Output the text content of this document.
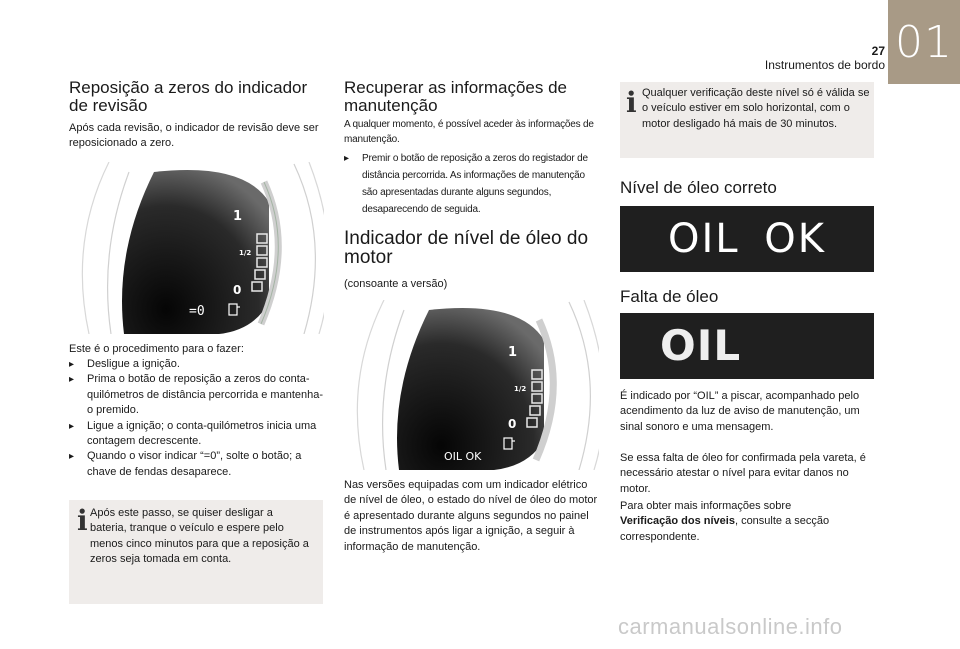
27
Instrumentos de bordo 01
Reposição a zeros do indicador de revisão

Após cada revisão, o indicador de revisão deve ser reposicionado a zero.

1
1/2
0
=0

Este é o procedimento para o fazer:

▸ Desligue a ignição.
▸ Prima o botão de reposição a zeros do conta-quilómetros de distância percorrida e mantenha-o premido.
▸ Ligue a ignição; o conta-quilómetros inicia uma contagem decrescente.
▸ Quando o visor indicar “=0”, solte o botão; a chave de fendas desaparece.
i Após este passo, se quiser desligar a bateria, tranque o veículo e espere pelo menos cinco minutos para que a reposição a zeros seja tomada em conta.

Recuperar as informações de manutenção

A qualquer momento, é possível aceder às informações de manutenção.

▸ Premir o botão de reposição a zeros do registador de distância percorrida. As informações de manutenção são apresentadas durante alguns segundos, desaparecendo de seguida.
Indicador de nível de óleo do motor

(consoante a versão)

1
1/2
0
OIL OK

Nas versões equipadas com um indicador elétrico de nível de óleo, o estado do nível de óleo do motor é apresentado durante alguns segundos no painel de instrumentos após ligar a ignição, a seguir à informação de manutenção.

i Qualquer verificação deste nível só é válida se o veículo estiver em solo horizontal, com o motor desligado há mais de 30 minutos.

Nível de óleo correto
OIL OK
Falta de óleo
OIL

É indicado por “OIL” a piscar, acompanhado pelo acendimento da luz de aviso de manutenção, um sinal sonoro e uma mensagem.

Se essa falta de óleo for confirmada pela vareta, é necessário atestar o nível para evitar danos no motor.

Para obter mais informações sobre
Verificação dos níveis, consulte a secção correspondente.

carmanualsonline.info
